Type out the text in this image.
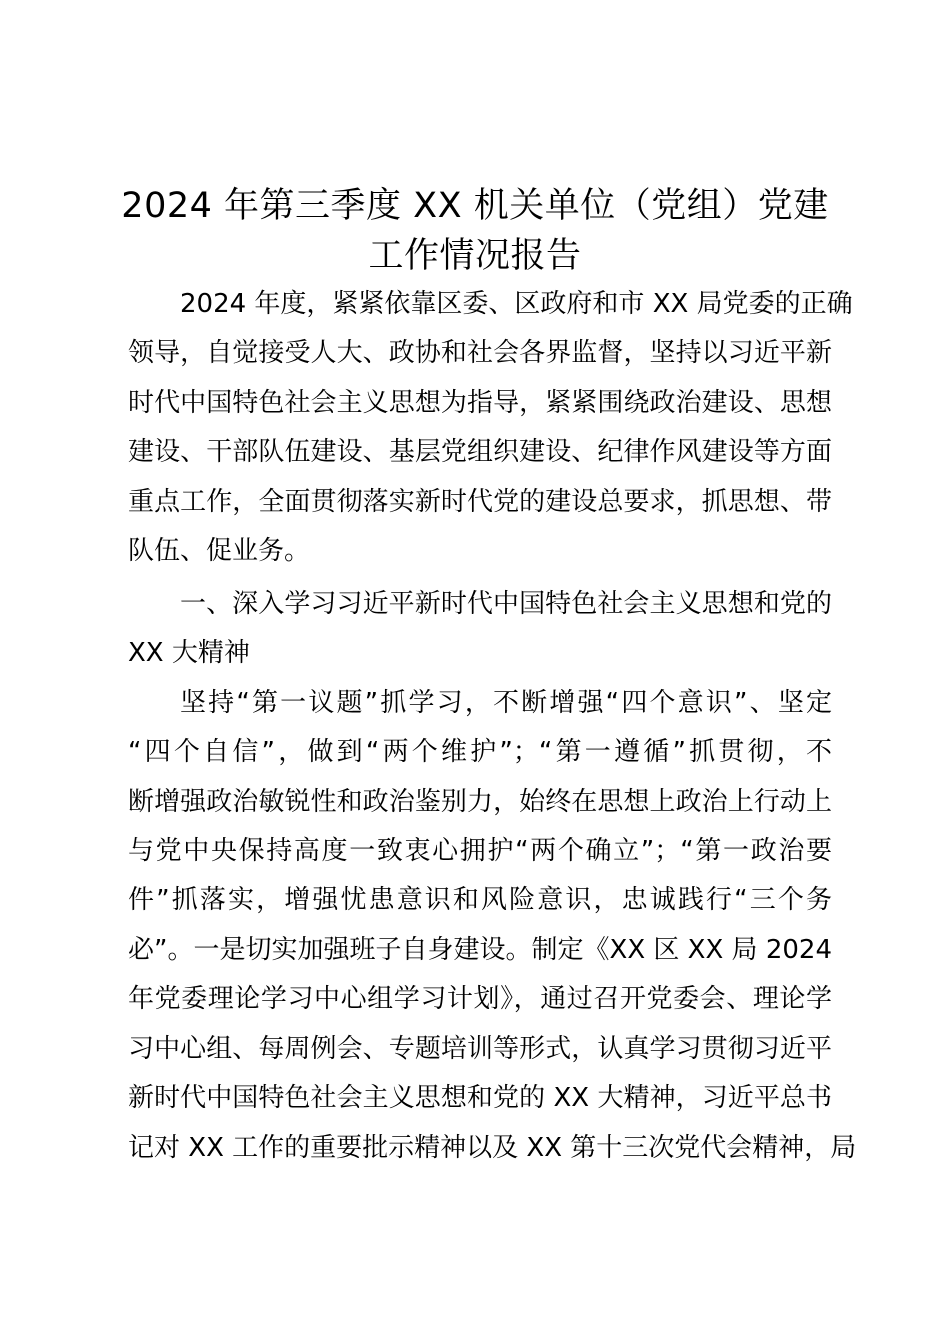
2024 年第三季度 XX 机关单位（党组）党建
工作情况报告
2024 年度，紧紧依靠区委、区政府和市 XX 局党委的正确
领导，自觉接受人大、政协和社会各界监督，坚持以习近平新
时代中国特色社会主义思想为指导，紧紧围绕政治建设、思想
建设、干部队伍建设、基层党组织建设、纪律作风建设等方面
重点工作，全面贯彻落实新时代党的建设总要求，抓思想、带
队伍、促业务。
一、深入学习习近平新时代中国特色社会主义思想和党的
XX 大精神
坚持“第一议题”抓学习，不断增强“四个意识”、坚定
“四个自信”，做到“两个维护”；“第一遵循”抓贯彻，不
断增强政治敏锐性和政治鉴别力，始终在思想上政治上行动上
与党中央保持高度一致衷心拥护“两个确立”；“第一政治要
件”抓落实，增强忧患意识和风险意识，忠诚践行“三个务
必”。一是切实加强班子自身建设。制定《XX 区 XX 局 2024
年党委理论学习中心组学习计划》，通过召开党委会、理论学
习中心组、每周例会、专题培训等形式，认真学习贯彻习近平
新时代中国特色社会主义思想和党的 XX 大精神，习近平总书
记对 XX 工作的重要批示精神以及 XX 第十三次党代会精神，局
